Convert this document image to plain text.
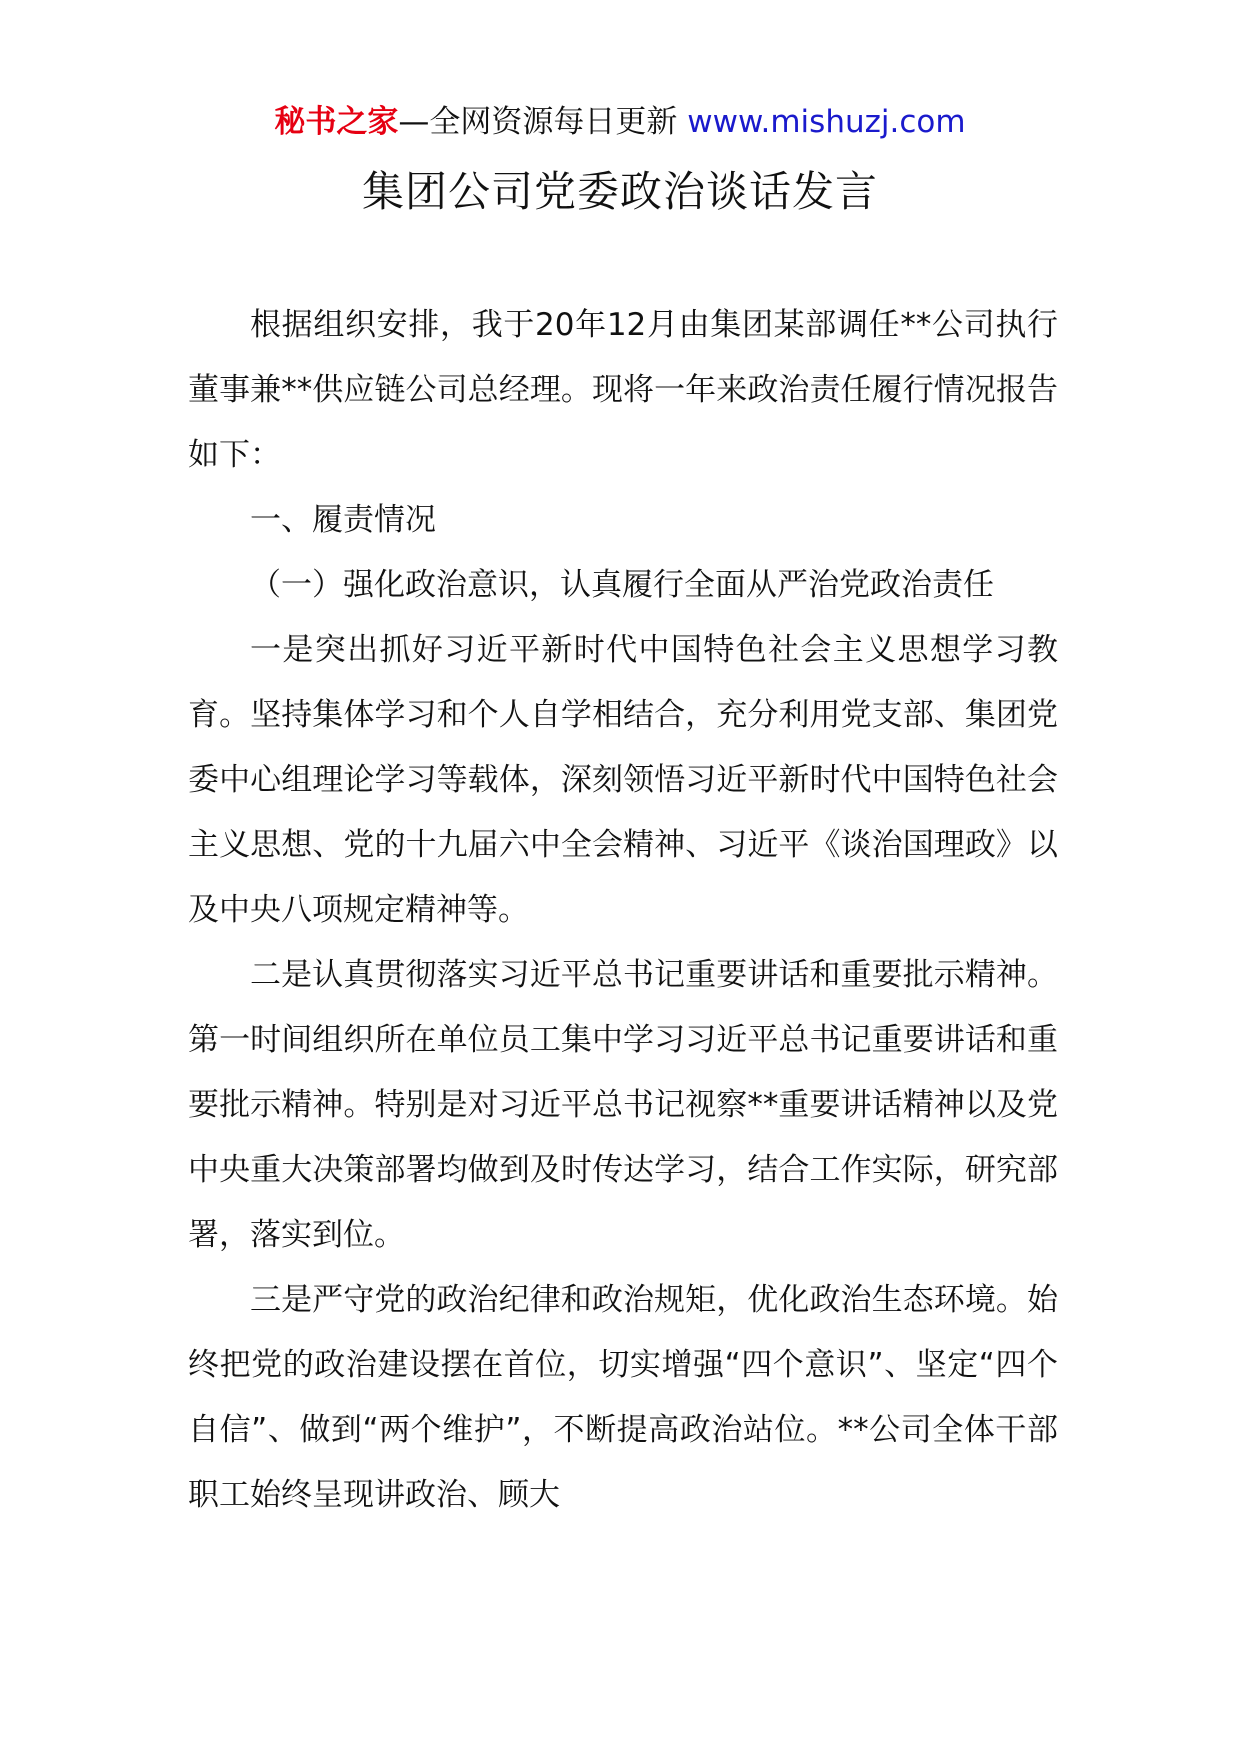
秘书之家—全网资源每日更新 www.mishuzj.com
集团公司党委政治谈话发言

根据组织安排，我于20年12月由集团某部调任**公司执行董事兼**供应链公司总经理。现将一年来政治责任履行情况报告如下：

一、履责情况

（一）强化政治意识，认真履行全面从严治党政治责任

一是突出抓好习近平新时代中国特色社会主义思想学习教育。坚持集体学习和个人自学相结合，充分利用党支部、集团党委中心组理论学习等载体，深刻领悟习近平新时代中国特色社会主义思想、党的十九届六中全会精神、习近平《谈治国理政》以及中央八项规定精神等。

二是认真贯彻落实习近平总书记重要讲话和重要批示精神。第一时间组织所在单位员工集中学习习近平总书记重要讲话和重要批示精神。特别是对习近平总书记视察**重要讲话精神以及党中央重大决策部署均做到及时传达学习，结合工作实际，研究部署，落实到位。

三是严守党的政治纪律和政治规矩，优化政治生态环境。始终把党的政治建设摆在首位，切实增强“四个意识”、坚定“四个自信”、做到“两个维护”，不断提高政治站位。**公司全体干部职工始终呈现讲政治、顾大
